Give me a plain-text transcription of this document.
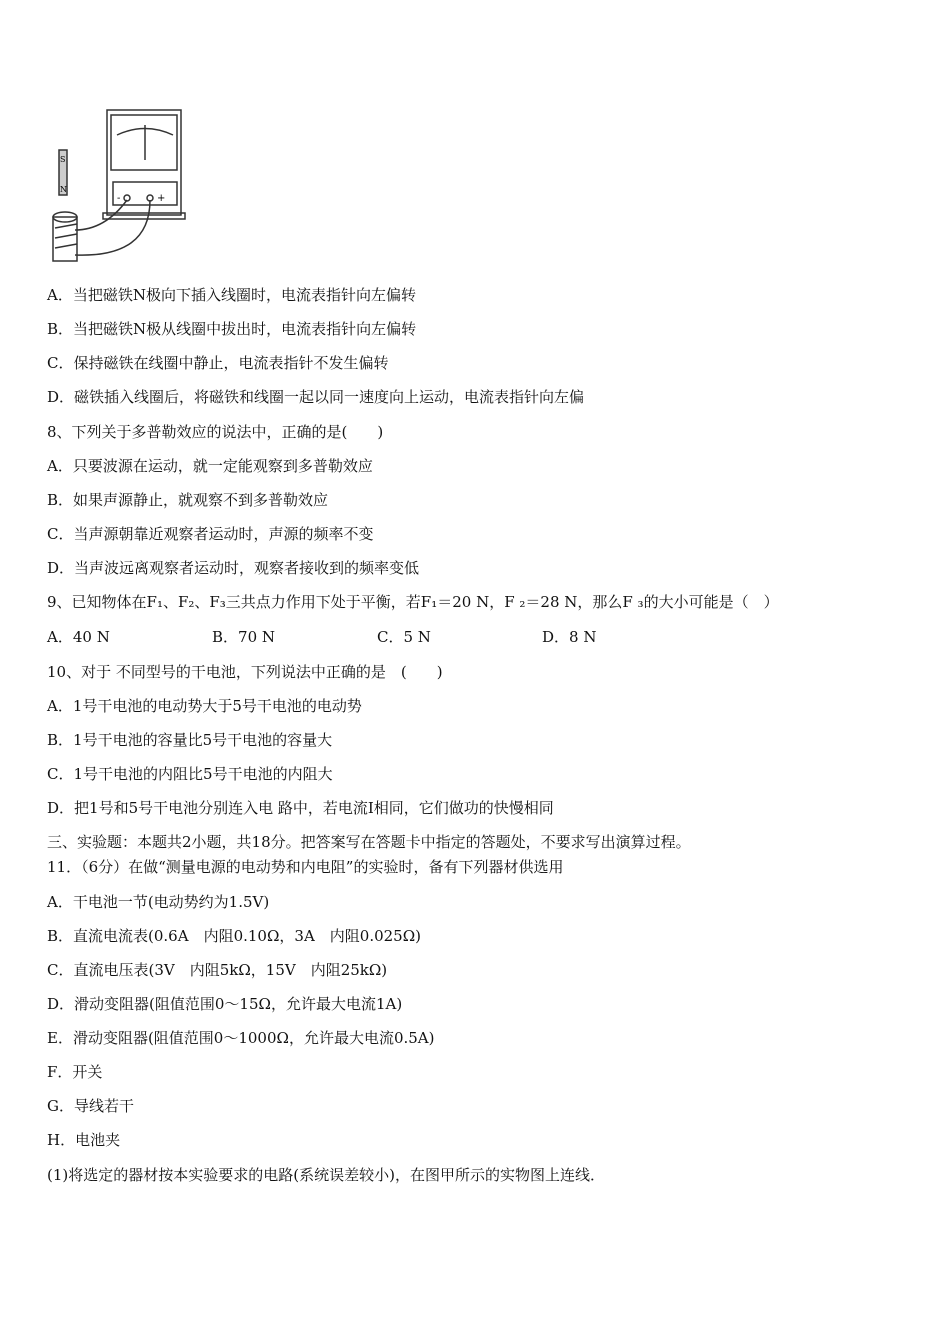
S
N
-	+
A．当把磁铁N极向下插入线圈时，电流表指针向左偏转
B．当把磁铁N极从线圈中拔出时，电流表指针向左偏转
C．保持磁铁在线圈中静止，电流表指针不发生偏转
D．磁铁插入线圈后，将磁铁和线圈一起以同一速度向上运动，电流表指针向左偏
8、下列关于多普勒效应的说法中，正确的是(　　)
A．只要波源在运动，就一定能观察到多普勒效应
B．如果声源静止，就观察不到多普勒效应
C．当声源朝靠近观察者运动时，声源的频率不变
D．当声波远离观察者运动时，观察者接收到的频率变低
9、已知物体在F₁、F₂、F₃三共点力作用下处于平衡，若F₁＝20 N，F ₂＝28 N，那么F ₃的大小可能是（　）
A．40 N	B．70 N	C．5 N	D．8 N
10、对于 不同型号的干电池，下列说法中正确的是　(　　)
A．1号干电池的电动势大于5号干电池的电动势
B．1号干电池的容量比5号干电池的容量大
C．1号干电池的内阻比5号干电池的内阻大
D．把1号和5号干电池分别连入电 路中，若电流I相同，它们做功的快慢相同
三、实验题：本题共2小题，共18分。把答案写在答题卡中指定的答题处，不要求写出演算过程。
11．（6分）在做“测量电源的电动势和内电阻”的实验时，备有下列器材供选用
A．干电池一节(电动势约为1.5V)
B．直流电流表(0.6A　内阻0.10Ω，3A　内阻0.025Ω)
C．直流电压表(3V　内阻5kΩ，15V　内阻25kΩ)
D．滑动变阻器(阻值范围0～15Ω，允许最大电流1A)
E．滑动变阻器(阻值范围0～1000Ω，允许最大电流0.5A)
F．开关
G．导线若干
H．电池夹
(1)将选定的器材按本实验要求的电路(系统误差较小)，在图甲所示的实物图上连线．
